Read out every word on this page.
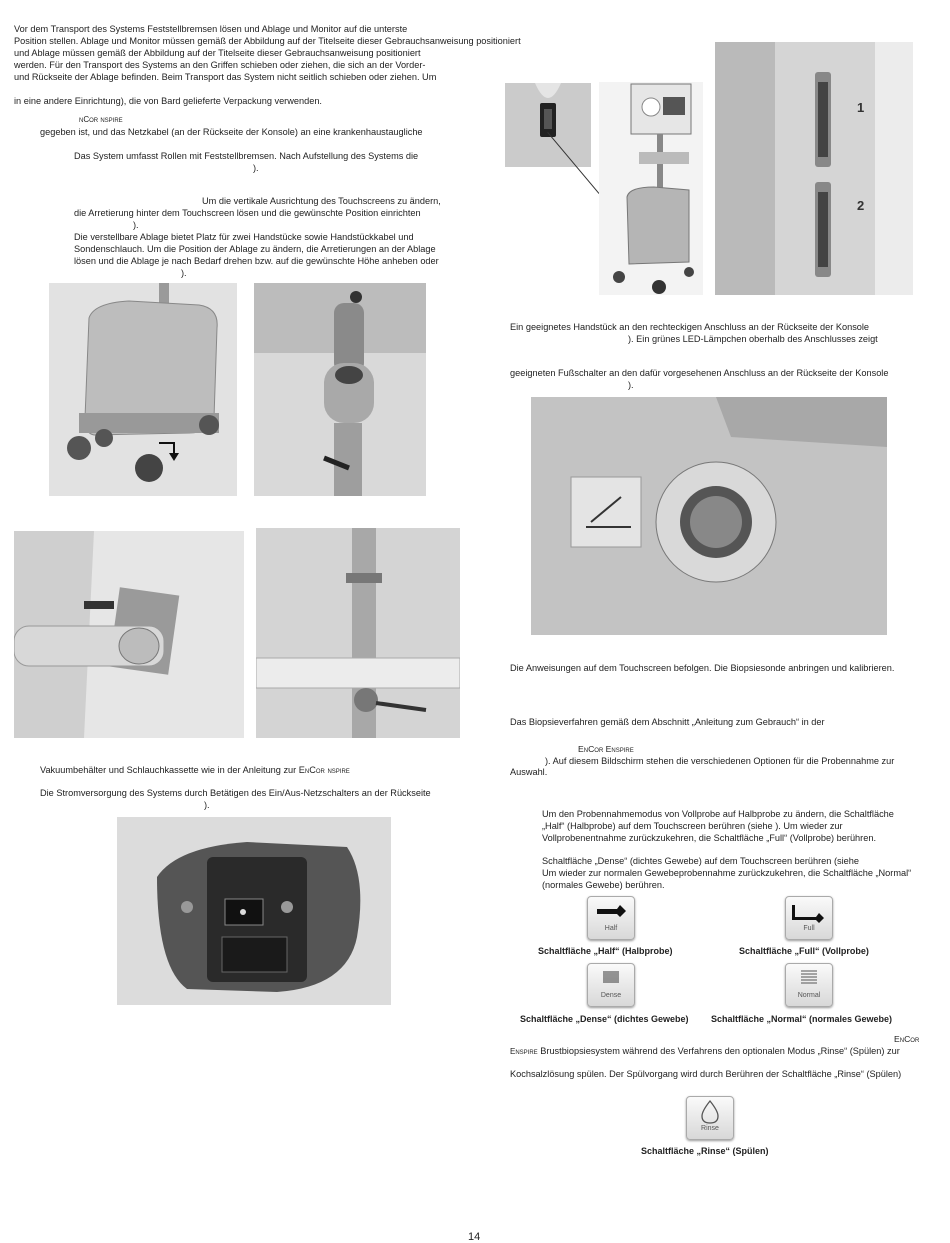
Vor dem Transport des Systems Feststellbremsen lösen und Ablage und Monitor auf die unterste
Position stellen. Ablage und Monitor müssen gemäß der Abbildung auf der Titelseite dieser Gebrauchsanweisung positioniert
und Ablage müssen gemäß der Abbildung auf der Titelseite dieser Gebrauchsanweisung positioniert
werden. Für den Transport des Systems an den Griffen schieben oder ziehen, die sich an der Vorder-
und Rückseite der Ablage befinden. Beim Transport das System nicht seitlich schieben oder ziehen. Um
in eine andere Einrichtung), die von Bard gelieferte Verpackung verwenden.
nCor nspire
gegeben ist, und das Netzkabel (an der Rückseite der Konsole) an eine krankenhaustaugliche
Das System umfasst Rollen mit Feststellbremsen. Nach Aufstellung des Systems die
).
Um die vertikale Ausrichtung des Touchscreens zu ändern,
die Arretierung hinter dem Touchscreen lösen und die gewünschte Position einrichten
).
Die verstellbare Ablage bietet Platz für zwei Handstücke sowie Handstückkabel und
Sondenschlauch. Um die Position der Ablage zu ändern, die Arretierungen an der Ablage
lösen und die Ablage je nach Bedarf drehen bzw. auf die gewünschte Höhe anheben oder
).
Vakuumbehälter und Schlauchkassette wie in der Anleitung zur EnCor nspire
Die Stromversorgung des Systems durch Betätigen des Ein/Aus-Netzschalters an der Rückseite
).
1
2
Ein geeignetes Handstück an den rechteckigen Anschluss an der Rückseite der Konsole
). Ein grünes LED-Lämpchen oberhalb des Anschlusses zeigt
geeigneten Fußschalter an den dafür vorgesehenen Anschluss an der Rückseite der Konsole
).
Die Anweisungen auf dem Touchscreen befolgen. Die Biopsiesonde anbringen und kalibrieren.
Das Biopsieverfahren gemäß dem Abschnitt „Anleitung zum Gebrauch“ in der
EnCor Enspire
). Auf diesem Bildschirm stehen die verschiedenen Optionen für die Probennahme zur
Auswahl.
Um den Probennahmemodus von Vollprobe auf Halbprobe zu ändern, die Schaltfläche
„Half“ (Halbprobe) auf dem Touchscreen berühren (siehe ). Um wieder zur
Vollprobenentnahme zurückzukehren, die Schaltfläche „Full“ (Vollprobe) berühren.
Schaltfläche „Dense“ (dichtes Gewebe) auf dem Touchscreen berühren (siehe
Um wieder zur normalen Gewebeprobennahme zurückzukehren, die Schaltfläche „Normal“
(normales Gewebe) berühren.
Half
Schaltfläche „Half“ (Halbprobe)
Full
Schaltfläche „Full“ (Vollprobe)
Dense
Schaltfläche „Dense“ (dichtes Gewebe)
Normal
Schaltfläche „Normal“ (normales Gewebe)
EnCor
Enspire Brustbiopsiesystem während des Verfahrens den optionalen Modus „Rinse“ (Spülen) zur
Kochsalzlösung spülen. Der Spülvorgang wird durch Berühren der Schaltfläche „Rinse“ (Spülen)
Rinse
Schaltfläche „Rinse“ (Spülen)
14
